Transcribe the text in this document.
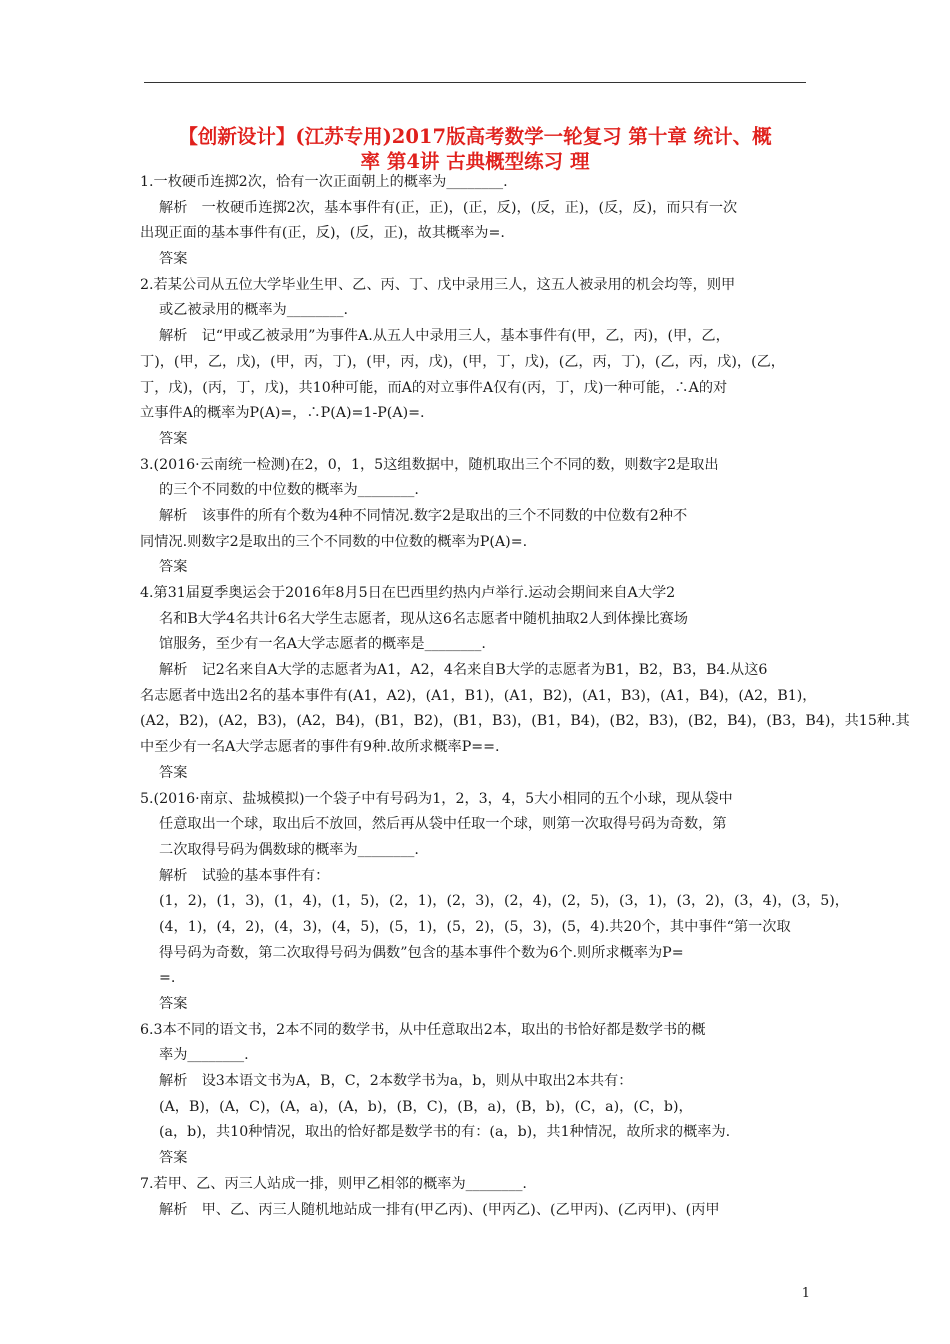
【创新设计】(江苏专用)2017版高考数学一轮复习 第十章 统计、概
率 第4讲 古典概型练习 理
1.一枚硬币连掷2次，恰有一次正面朝上的概率为________.
解析　一枚硬币连掷2次，基本事件有(正，正)，(正，反)，(反，正)，(反，反)，而只有一次
出现正面的基本事件有(正，反)，(反，正)，故其概率为=.
答案
2.若某公司从五位大学毕业生甲、乙、丙、丁、戊中录用三人，这五人被录用的机会均等，则甲
或乙被录用的概率为________.
解析　记“甲或乙被录用”为事件A.从五人中录用三人，基本事件有(甲，乙，丙)，(甲，乙，
丁)，(甲，乙，戊)，(甲，丙，丁)，(甲，丙，戊)，(甲，丁，戊)，(乙，丙，丁)，(乙，丙，戊)，(乙，
丁，戊)，(丙，丁，戊)，共10种可能，而A的对立事件A仅有(丙，丁，戊)一种可能，∴A的对
立事件A的概率为P(A)=，∴P(A)=1-P(A)=.
答案
3.(2016·云南统一检测)在2，0，1，5这组数据中，随机取出三个不同的数，则数字2是取出
的三个不同数的中位数的概率为________.
解析　该事件的所有个数为4种不同情况.数字2是取出的三个不同数的中位数有2种不
同情况.则数字2是取出的三个不同数的中位数的概率为P(A)=.
答案
4.第31届夏季奥运会于2016年8月5日在巴西里约热内卢举行.运动会期间来自A大学2
名和B大学4名共计6名大学生志愿者，现从这6名志愿者中随机抽取2人到体操比赛场
馆服务，至少有一名A大学志愿者的概率是________.
解析　记2名来自A大学的志愿者为A1，A2，4名来自B大学的志愿者为B1，B2，B3，B4.从这6
名志愿者中选出2名的基本事件有(A1，A2)，(A1，B1)，(A1，B2)，(A1，B3)，(A1，B4)，(A2，B1)，
(A2，B2)，(A2，B3)，(A2，B4)，(B1，B2)，(B1，B3)，(B1，B4)，(B2，B3)，(B2，B4)，(B3，B4)，共15种.其
中至少有一名A大学志愿者的事件有9种.故所求概率P==.
答案
5.(2016·南京、盐城模拟)一个袋子中有号码为1，2，3，4，5大小相同的五个小球，现从袋中
任意取出一个球，取出后不放回，然后再从袋中任取一个球，则第一次取得号码为奇数，第
二次取得号码为偶数球的概率为________.
解析　试验的基本事件有：
(1，2)，(1，3)，(1，4)，(1，5)，(2，1)，(2，3)，(2，4)，(2，5)，(3，1)，(3，2)，(3，4)，(3，5)，
(4，1)，(4，2)，(4，3)，(4，5)，(5，1)，(5，2)，(5，3)，(5，4).共20个，其中事件“第一次取
得号码为奇数，第二次取得号码为偶数”包含的基本事件个数为6个.则所求概率为P=
=.
答案
6.3本不同的语文书，2本不同的数学书，从中任意取出2本，取出的书恰好都是数学书的概
率为________.
解析　设3本语文书为A，B，C，2本数学书为a，b，则从中取出2本共有：
(A，B)，(A，C)，(A，a)，(A，b)，(B，C)，(B，a)，(B，b)，(C，a)，(C，b)，
(a，b)，共10种情况，取出的恰好都是数学书的有：(a，b)，共1种情况，故所求的概率为.
答案
7.若甲、乙、丙三人站成一排，则甲乙相邻的概率为________.
解析　甲、乙、丙三人随机地站成一排有(甲乙丙)、(甲丙乙)、(乙甲丙)、(乙丙甲)、(丙甲
1
